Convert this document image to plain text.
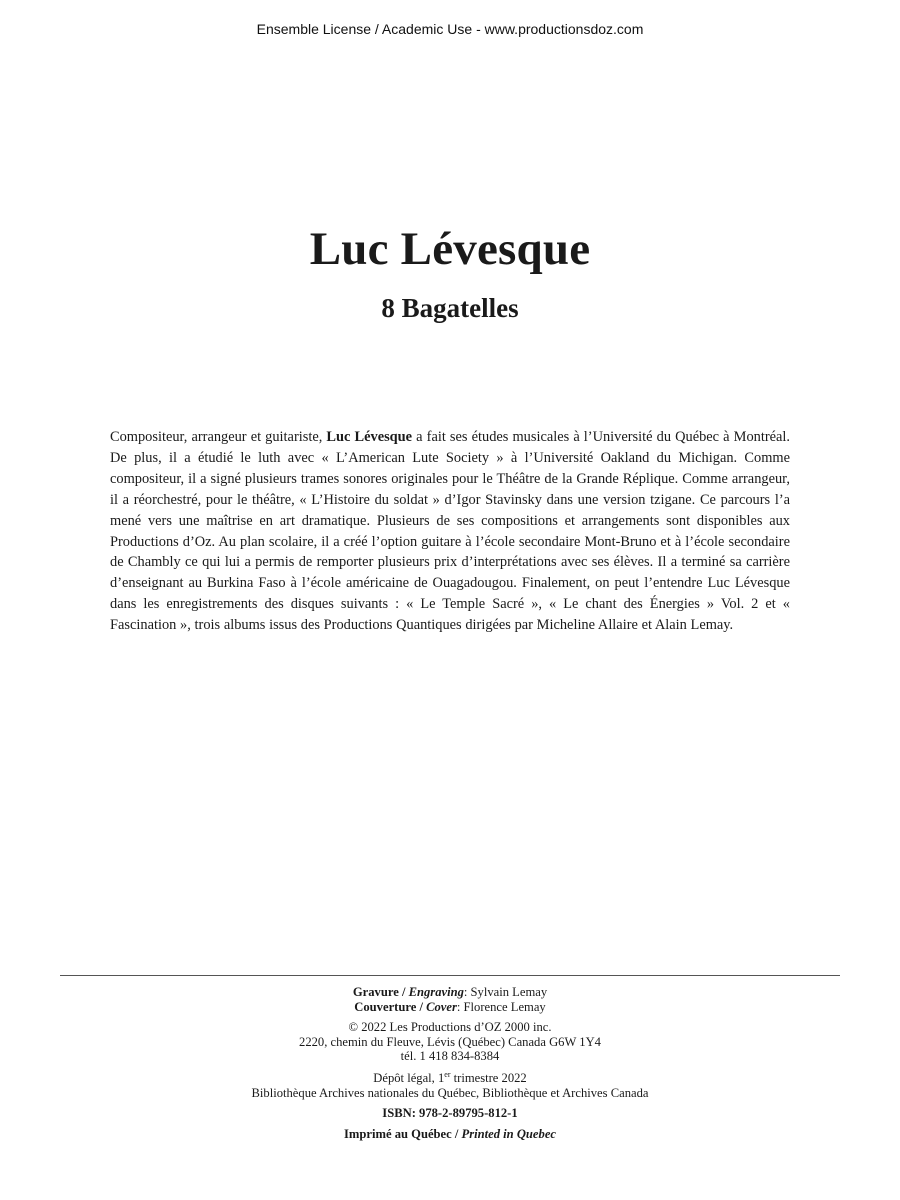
Ensemble License / Academic Use - www.productionsdoz.com
Luc Lévesque
8 Bagatelles

Compositeur, arrangeur et guitariste, Luc Lévesque a fait ses études musicales à l’Université du Québec à Montréal. De plus, il a étudié le luth avec « L’American Lute Society » à l’Université Oakland du Michigan. Comme compositeur, il a signé plusieurs trames sonores originales pour le Théâtre de la Grande Réplique. Comme arrangeur, il a réorchestré, pour le théâtre, « L’Histoire du soldat » d’Igor Stavinsky dans une version tzigane. Ce parcours l’a mené vers une maîtrise en art dramatique. Plusieurs de ses compositions et arrangements sont disponibles aux Productions d’Oz. Au plan scolaire, il a créé l’option guitare à l’école secondaire Mont-Bruno et à l’école secondaire de Chambly ce qui lui a permis de remporter plusieurs prix d’interprétations avec ses élèves. Il a terminé sa carrière d’enseignant au Burkina Faso à l’école américaine de Ouagadougou. Finalement, on peut l’entendre Luc Lévesque dans les enregistrements des disques suivants : « Le Temple Sacré », « Le chant des Énergies » Vol. 2 et « Fascination », trois albums issus des Productions Quantiques dirigées par Micheline Allaire et Alain Lemay.

Gravure / Engraving: Sylvain Lemay
Couverture / Cover: Florence Lemay
© 2022 Les Productions d’OZ 2000 inc.
2220, chemin du Fleuve, Lévis (Québec) Canada G6W 1Y4
tél. 1 418 834-8384
Dépôt légal, 1er trimestre 2022
Bibliothèque Archives nationales du Québec, Bibliothèque et Archives Canada
ISBN: 978-2-89795-812-1
Imprimé au Québec / Printed in Quebec
